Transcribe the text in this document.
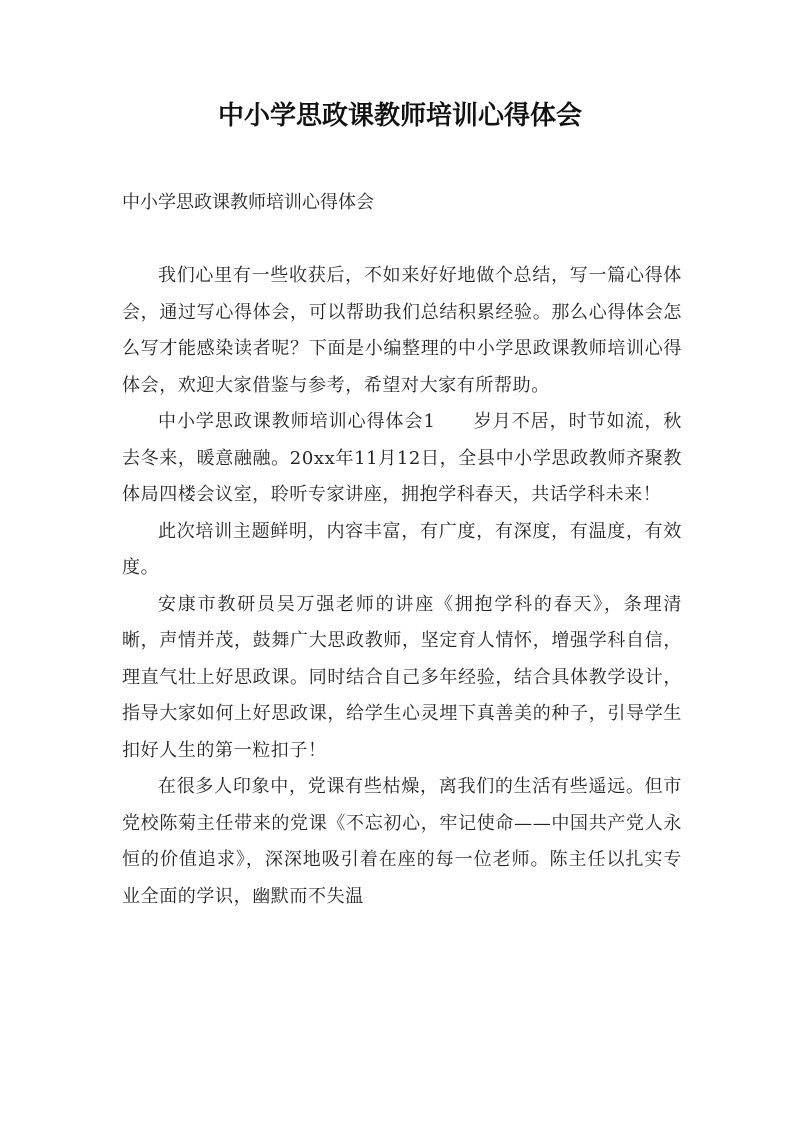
中小学思政课教师培训心得体会

中小学思政课教师培训心得体会

我们心里有一些收获后，不如来好好地做个总结，写一篇心得体会，通过写心得体会，可以帮助我们总结积累经验。那么心得体会怎么写才能感染读者呢？下面是小编整理的中小学思政课教师培训心得体会，欢迎大家借鉴与参考，希望对大家有所帮助。

中小学思政课教师培训心得体会1　　岁月不居，时节如流，秋去冬来，暖意融融。20xx年11月12日，全县中小学思政教师齐聚教体局四楼会议室，聆听专家讲座，拥抱学科春天，共话学科未来！

此次培训主题鲜明，内容丰富，有广度，有深度，有温度，有效度。

安康市教研员吴万强老师的讲座《拥抱学科的春天》，条理清晰，声情并茂，鼓舞广大思政教师，坚定育人情怀，增强学科自信，理直气壮上好思政课。同时结合自己多年经验，结合具体教学设计，指导大家如何上好思政课，给学生心灵埋下真善美的种子，引导学生扣好人生的第一粒扣子！

在很多人印象中，党课有些枯燥，离我们的生活有些遥远。但市党校陈菊主任带来的党课《不忘初心，牢记使命——中国共产党人永恒的价值追求》，深深地吸引着在座的每一位老师。陈主任以扎实专业全面的学识，幽默而不失温
